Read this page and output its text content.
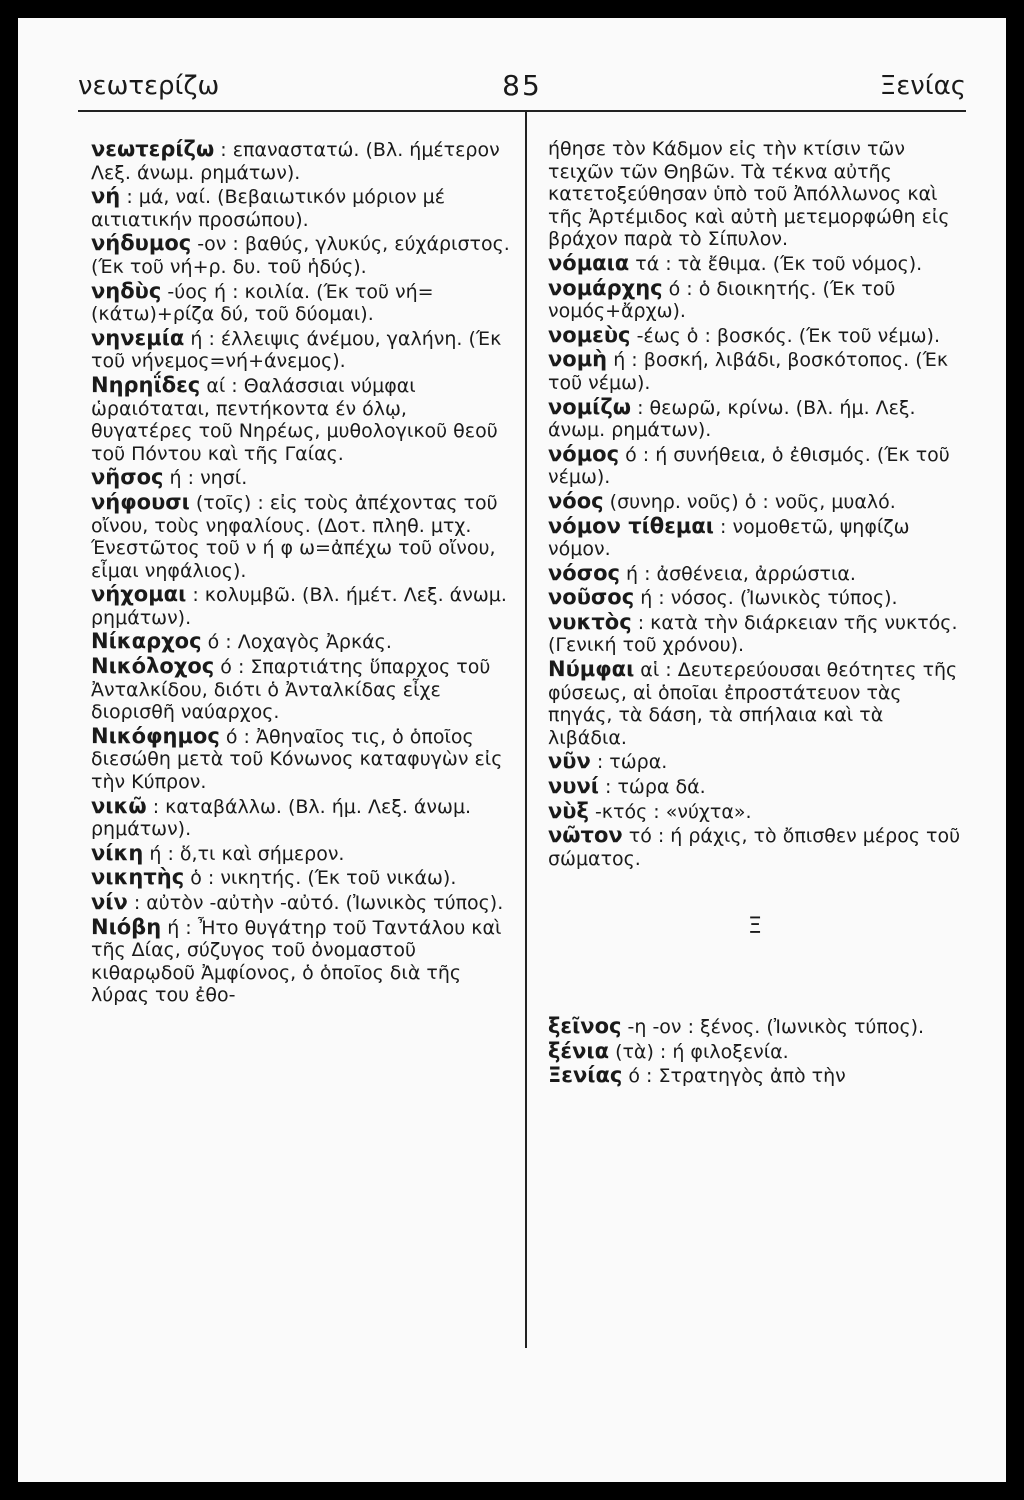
νεωτερίζω	85	Ξενίας
νεωτερίζω : επαναστατώ. (Βλ. ήμέτερον Λεξ. άνωμ. ρημάτων).
νή : μά, ναί. (Βεβαιωτικόν μόριον μέ αιτιατικήν προσώπου).
νήδυμος -ον : βαθύς, γλυκύς, εύχάριστος. (Έκ τοῦ νή+ρ. δυ. τοῦ ἡδύς).
νηδὺς -ύος ή : κοιλία. (Έκ τοῦ νή= (κάτω)+ρίζα δύ, τοῦ δύομαι).
νηνεμία ή : έλλειψις άνέμου, γαλήνη. (Έκ τοῦ νήνεμος=νή+άνεμος).
Νηρηΐδες αί : Θαλάσσιαι νύμφαι ὡραιόταται, πεντήκοντα έν όλῳ, θυγατέρες τοῦ Νηρέως, μυθολογικοῦ θεοῦ τοῦ Πόντου καὶ τῆς Γαίας.
νῆσος ή : νησί.
νήφουσι (τοῖς) : εἰς τοὺς ἀπέχοντας τοῦ οἴνου, τοὺς νηφαλίους. (Δοτ. πληθ. μτχ. Ένεστῶτος τοῦ ν ή φ ω=ἀπέχω τοῦ οἴνου, εἶμαι νηφάλιος).
νήχομαι : κολυμβῶ. (Βλ. ήμέτ. Λεξ. άνωμ. ρημάτων).
Νίκαρχος ό : Λοχαγὸς Ἀρκάς.
Νικόλοχος ό : Σπαρτιάτης ὕπαρχος τοῦ Ἀνταλκίδου, διότι ὁ Ἀνταλκίδας εἶχε διορισθῆ ναύαρχος.
Νικόφημος ό : Ἀθηναῖος τις, ὁ ὁποῖος διεσώθη μετὰ τοῦ Κόνωνος καταφυγὼν εἰς τὴν Κύπρον.
νικῶ : καταβάλλω. (Βλ. ήμ. Λεξ. άνωμ. ρημάτων).
νίκη ή : ὅ,τι καὶ σήμερον.
νικητὴς ὁ : νικητής. (Έκ τοῦ νικάω).
νίν : αὐτὸν -αὐτὴν -αὐτό. (Ἰωνικὸς τύπος).
Νιόβη ή : Ἦτο θυγάτηρ τοῦ Ταντάλου καὶ τῆς Δίας, σύζυγος τοῦ ὀνομαστοῦ κιθαρῳδοῦ Ἀμφίονος, ὁ ὁποῖος διὰ τῆς λύρας του ἐθο-
ήθησε τὸν Κάδμον εἰς τὴν κτίσιν τῶν τειχῶν τῶν Θηβῶν. Τὰ τέκνα αὐτῆς κατετοξεύθησαν ὑπὸ τοῦ Ἀπόλλωνος καὶ τῆς Ἀρτέμιδος καὶ αὐτὴ μετεμορφώθη εἰς βράχον παρὰ τὸ Σίπυλον.
νόμαια τά : τὰ ἔθιμα. (Έκ τοῦ νόμος).
νομάρχης ό : ὁ διοικητής. (Έκ τοῦ νομός+ἄρχω).
νομεὺς -έως ὁ : βοσκός. (Έκ τοῦ νέμω).
νομὴ ή : βοσκή, λιβάδι, βοσκότοπος. (Έκ τοῦ νέμω).
νομίζω : θεωρῶ, κρίνω. (Βλ. ήμ. Λεξ. άνωμ. ρημάτων).
νόμος ό : ή συνήθεια, ὁ ἐθισμός. (Έκ τοῦ νέμω).
νόος (συνηρ. νοῦς) ὁ : νοῦς, μυαλό.
νόμον τίθεμαι : νομοθετῶ, ψηφίζω νόμον.
νόσος ή : ἀσθένεια, ἀρρώστια.
νοῦσος ή : νόσος. (Ἰωνικὸς τύπος).
νυκτὸς : κατὰ τὴν διάρκειαν τῆς νυκτός. (Γενική τοῦ χρόνου).
Νύμφαι αἱ : Δευτερεύουσαι θεότητες τῆς φύσεως, αἱ ὁποῖαι ἐπροστάτευον τὰς πηγάς, τὰ δάση, τὰ σπήλαια καὶ τὰ λιβάδια.
νῦν : τώρα.
νυνί : τώρα δά.
νὺξ -κτός : «νύχτα».
νῶτον τό : ή ράχις, τὸ ὄπισθεν μέρος τοῦ σώματος.
Ξ
ξεῖνος -η -ον : ξένος. (Ἰωνικὸς τύπος).
ξένια (τὰ) : ή φιλοξενία.
Ξενίας ό : Στρατηγὸς ἀπὸ τὴν
